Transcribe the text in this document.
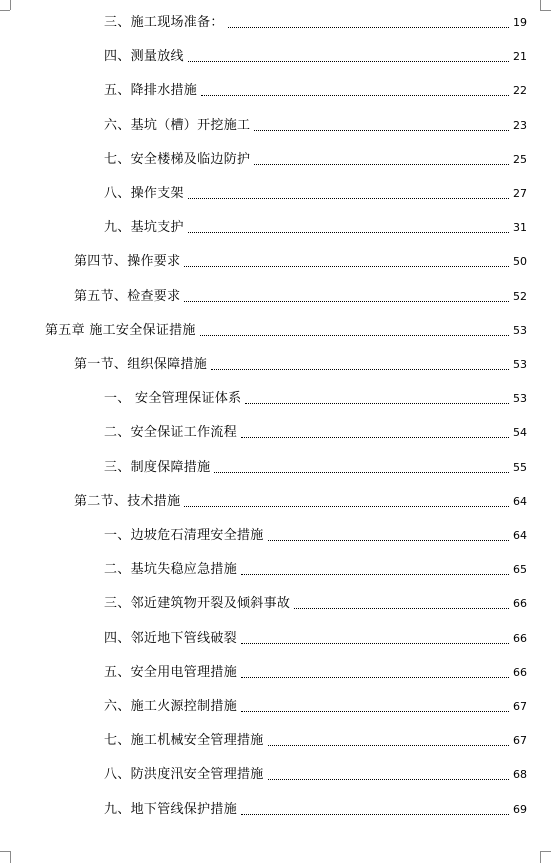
三、施工现场准备：	19
四、测量放线	21
五、降排水措施	22
六、基坑（槽）开挖施工	23
七、安全楼梯及临边防护	25
八、操作支架	27
九、基坑支护	31
第四节、操作要求	50
第五节、检查要求	52
第五章 施工安全保证措施	53
第一节、组织保障措施	53
一、 安全管理保证体系	53
二、安全保证工作流程	54
三、制度保障措施	55
第二节、技术措施	64
一、边坡危石清理安全措施	64
二、基坑失稳应急措施	65
三、邻近建筑物开裂及倾斜事故	66
四、邻近地下管线破裂	66
五、安全用电管理措施	66
六、施工火源控制措施	67
七、施工机械安全管理措施	67
八、防洪度汛安全管理措施	68
九、地下管线保护措施	69
